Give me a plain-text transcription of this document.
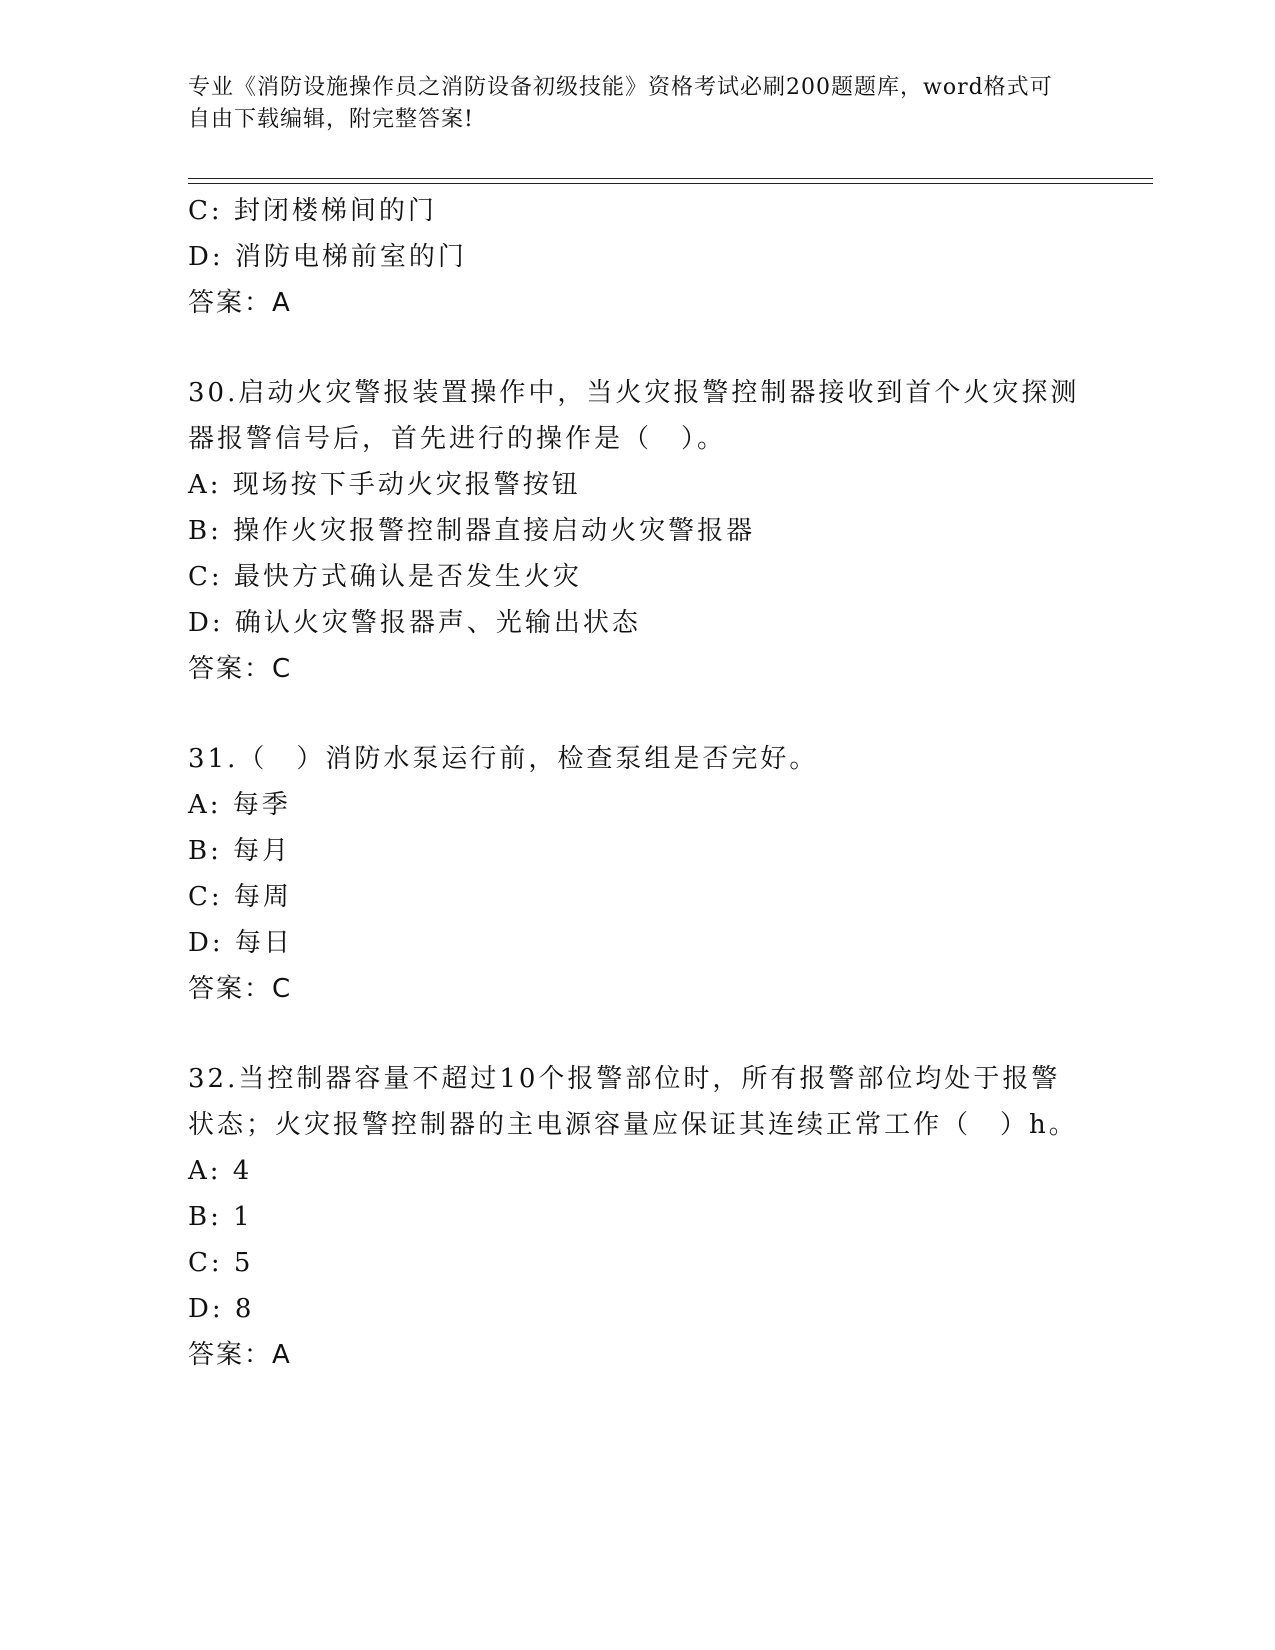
专业《消防设施操作员之消防设备初级技能》资格考试必刷200题题库，word格式可自由下载编辑，附完整答案!
C: 封闭楼梯间的门
D: 消防电梯前室的门
答案：A
30.启动火灾警报装置操作中，当火灾报警控制器接收到首个火灾探测器报警信号后，首先进行的操作是（　）。
A: 现场按下手动火灾报警按钮
B: 操作火灾报警控制器直接启动火灾警报器
C: 最快方式确认是否发生火灾
D: 确认火灾警报器声、光输出状态
答案：C
31.（　）消防水泵运行前，检查泵组是否完好。
A: 每季
B: 每月
C: 每周
D: 每日
答案：C
32.当控制器容量不超过10个报警部位时，所有报警部位均处于报警状态；火灾报警控制器的主电源容量应保证其连续正常工作（　）h。
A: 4
B: 1
C: 5
D: 8
答案：A
